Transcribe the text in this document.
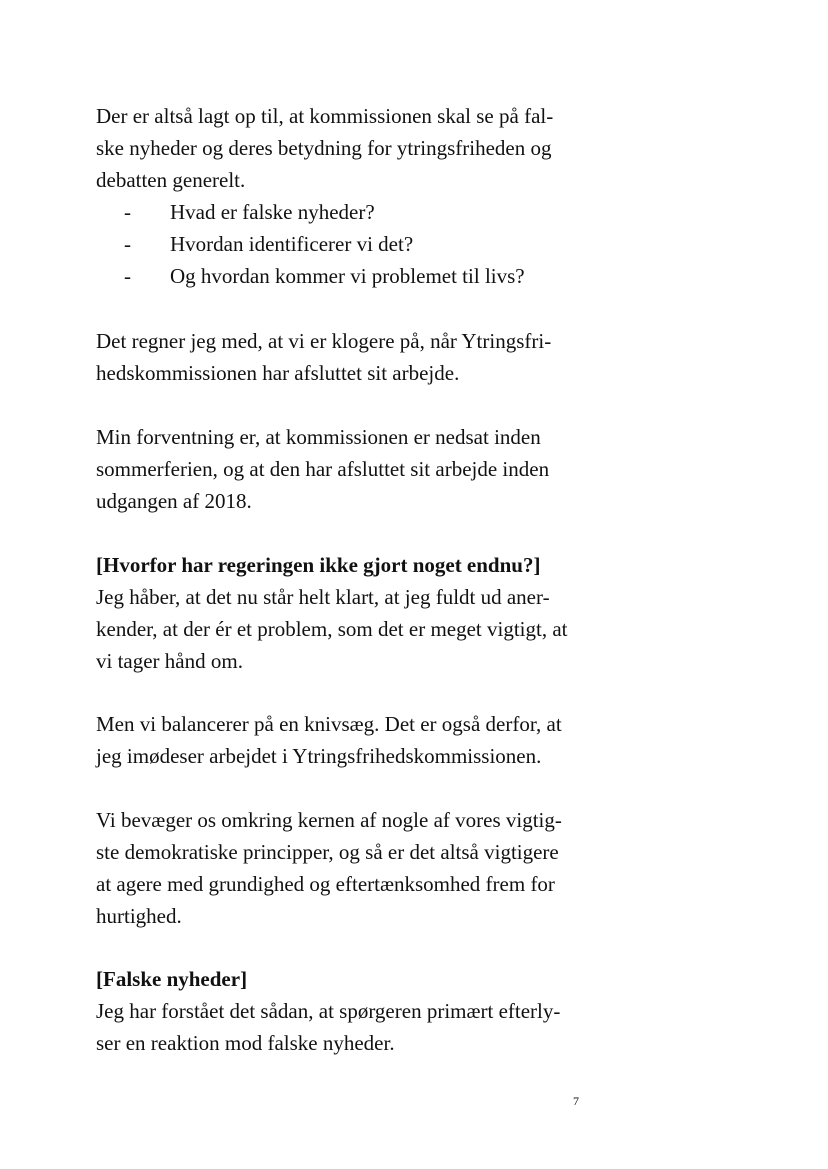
Der er altså lagt op til, at kommissionen skal se på fal-
ske nyheder og deres betydning for ytringsfriheden og
debatten generelt.
- Hvad er falske nyheder?
- Hvordan identificerer vi det?
- Og hvordan kommer vi problemet til livs?
Det regner jeg med, at vi er klogere på, når Ytringsfri-
hedskommissionen har afsluttet sit arbejde.
Min forventning er, at kommissionen er nedsat inden
sommerferien, og at den har afsluttet sit arbejde inden
udgangen af 2018.
[Hvorfor har regeringen ikke gjort noget endnu?]
Jeg håber, at det nu står helt klart, at jeg fuldt ud aner-
kender, at der ér et problem, som det er meget vigtigt, at
vi tager hånd om.
Men vi balancerer på en knivsæg. Det er også derfor, at
jeg imødeser arbejdet i Ytringsfrihedskommissionen.
Vi bevæger os omkring kernen af nogle af vores vigtig-
ste demokratiske principper, og så er det altså vigtigere
at agere med grundighed og eftertænksomhed frem for
hurtighed.
[Falske nyheder]
Jeg har forstået det sådan, at spørgeren primært efterly-
ser en reaktion mod falske nyheder.
7
